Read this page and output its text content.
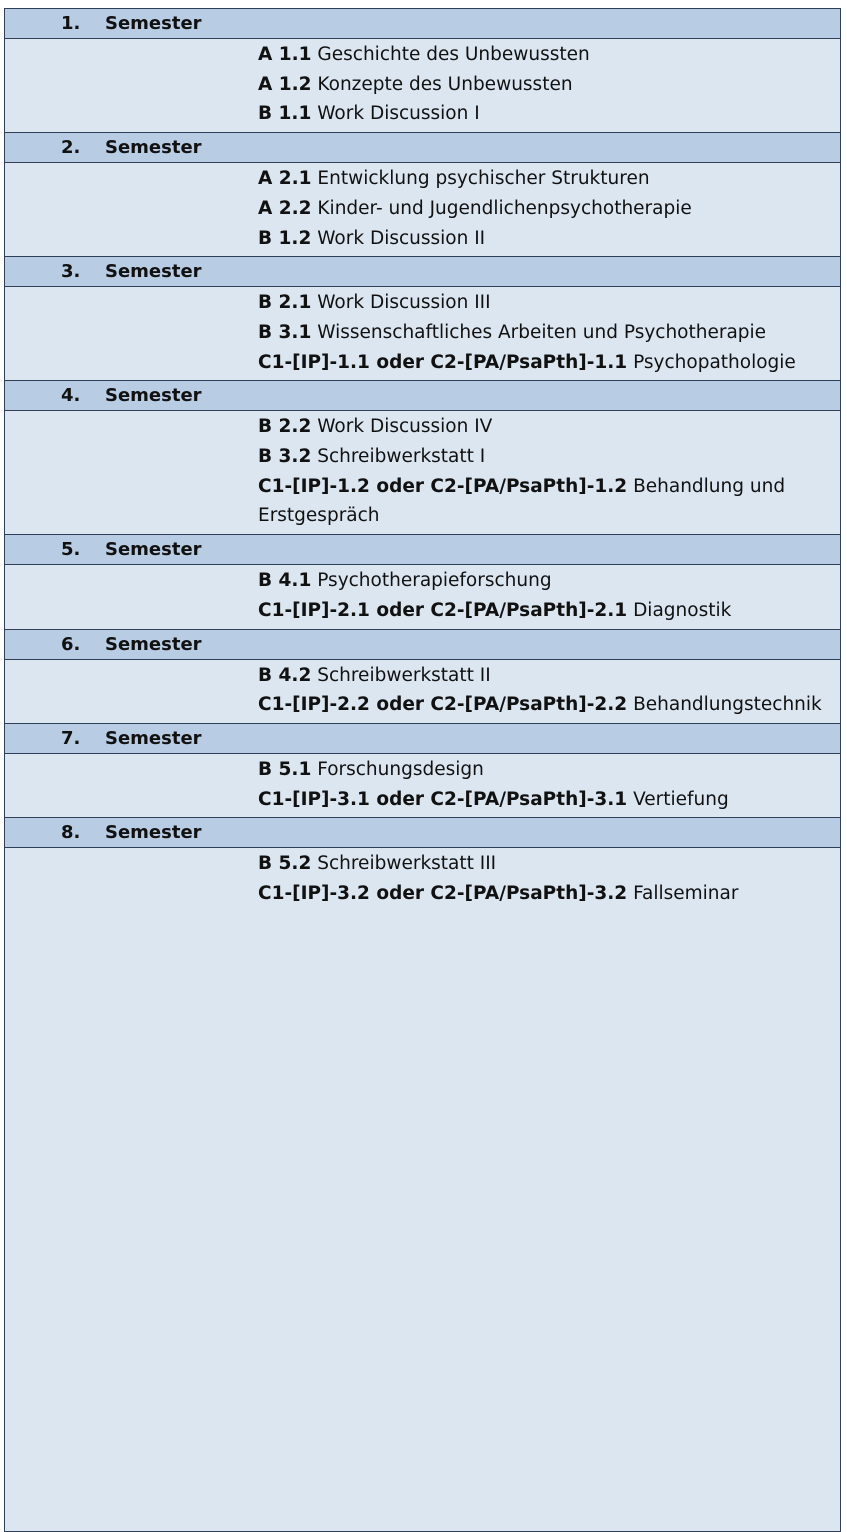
1. Semester
A 1.1 Geschichte des Unbewussten
A 1.2 Konzepte des Unbewussten
B 1.1 Work Discussion I
2. Semester
A 2.1 Entwicklung psychischer Strukturen
A 2.2 Kinder- und Jugendlichenpsychotherapie
B 1.2 Work Discussion II
3. Semester
B 2.1 Work Discussion III
B 3.1 Wissenschaftliches Arbeiten und Psychotherapie
C1-[IP]-1.1 oder C2-[PA/PsaPth]-1.1 Psychopathologie
4. Semester
B 2.2 Work Discussion IV
B 3.2 Schreibwerkstatt I
C1-[IP]-1.2 oder C2-[PA/PsaPth]-1.2 Behandlung und Erstgespräch
5. Semester
B 4.1 Psychotherapieforschung
C1-[IP]-2.1 oder C2-[PA/PsaPth]-2.1 Diagnostik
6. Semester
B 4.2 Schreibwerkstatt II
C1-[IP]-2.2 oder C2-[PA/PsaPth]-2.2 Behandlungstechnik
7. Semester
B 5.1 Forschungsdesign
C1-[IP]-3.1 oder C2-[PA/PsaPth]-3.1 Vertiefung
8. Semester
B 5.2 Schreibwerkstatt III
C1-[IP]-3.2 oder C2-[PA/PsaPth]-3.2 Fallseminar
